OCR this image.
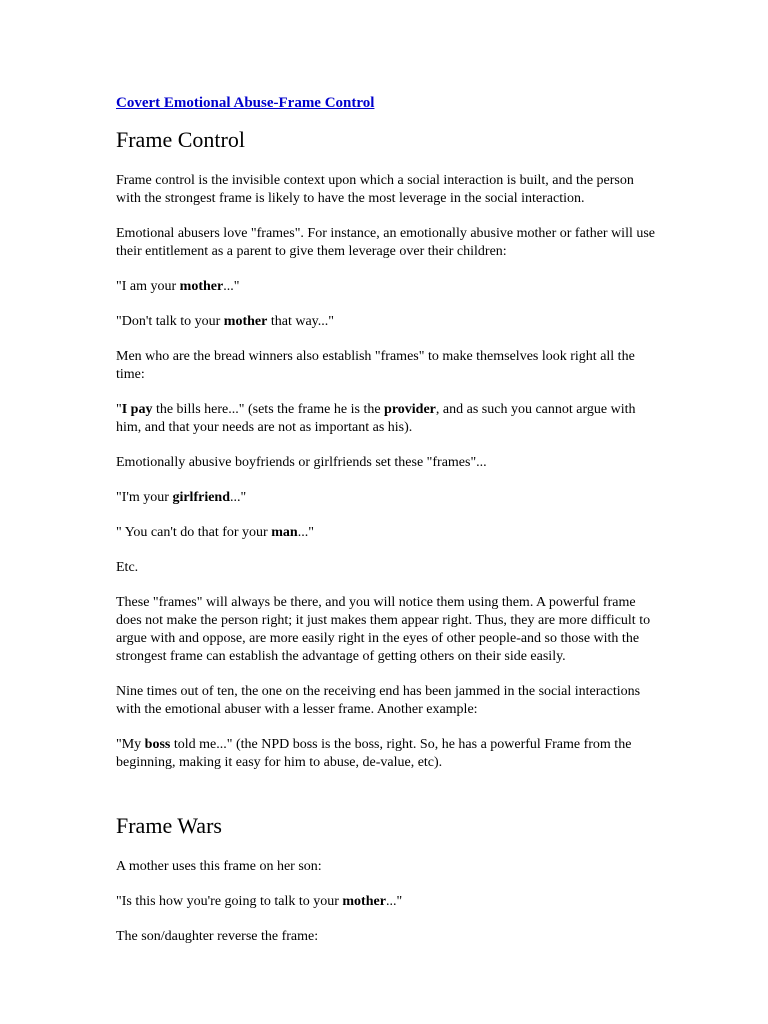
Covert Emotional Abuse-Frame Control
Frame Control

Frame control is the invisible context upon which a social interaction is built, and the person with the strongest frame is likely to have the most leverage in the social interaction.

Emotional abusers love "frames". For instance, an emotionally abusive mother or father will use their entitlement as a parent to give them leverage over their children:

"I am your mother..."

"Don't talk to your mother that way..."

Men who are the bread winners also establish "frames" to make themselves look right all the time:

"I pay the bills here..." (sets the frame he is the provider, and as such you cannot argue with him, and that your needs are not as important as his).

Emotionally abusive boyfriends or girlfriends set these "frames"...

"I'm your girlfriend..."

" You can't do that for your man..."

Etc.

These "frames" will always be there, and you will notice them using them. A powerful frame does not make the person right; it just makes them appear right. Thus, they are more difficult to argue with and oppose, are more easily right in the eyes of other people-and so those with the strongest frame can establish the advantage of getting others on their side easily.

Nine times out of ten, the one on the receiving end has been jammed in the social interactions with the emotional abuser with a lesser frame. Another example:

"My boss told me..." (the NPD boss is the boss, right. So, he has a powerful Frame from the beginning, making it easy for him to abuse, de-value, etc).

Frame Wars

A mother uses this frame on her son:

"Is this how you're going to talk to your mother..."

The son/daughter reverse the frame:
